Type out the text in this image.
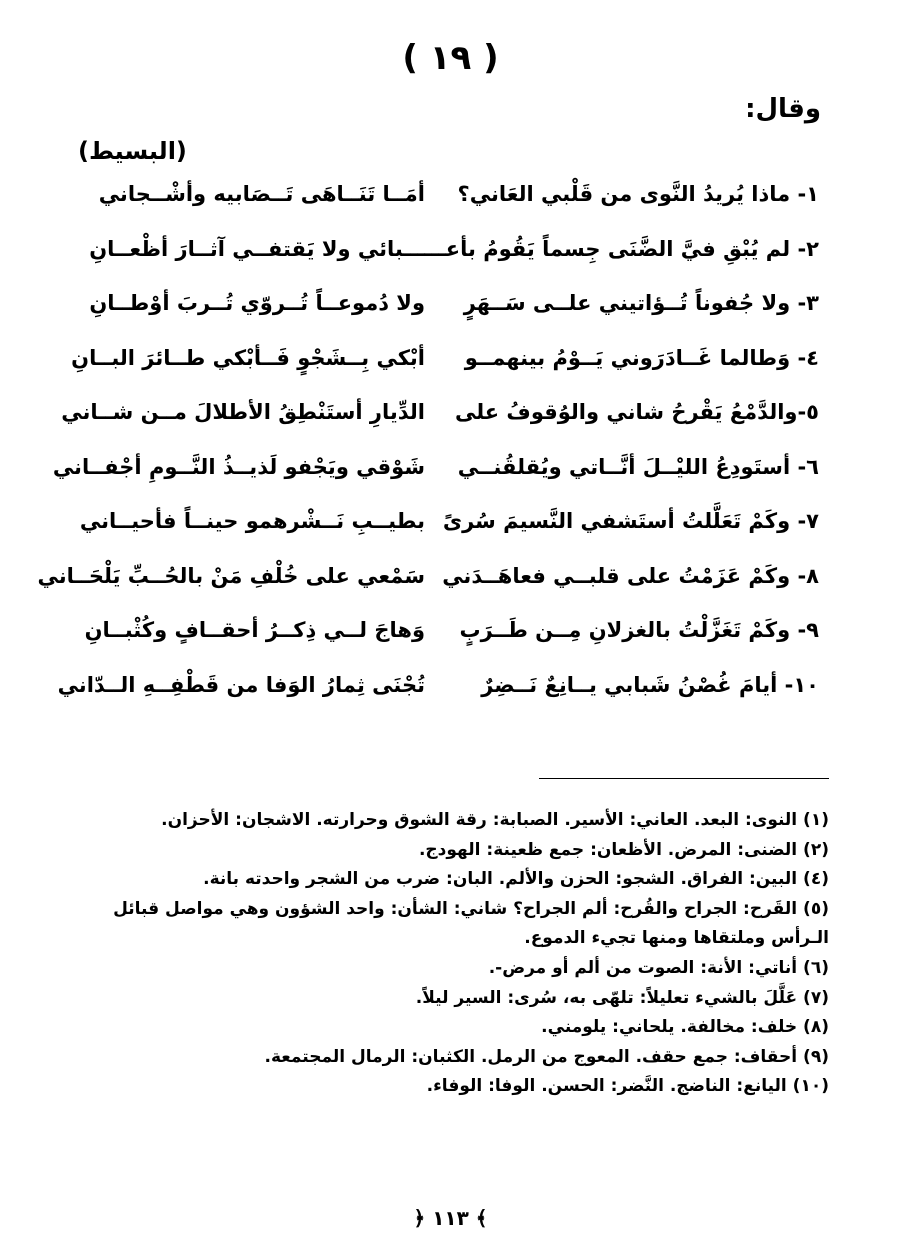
( ١٩ )
وقال:
(البسيط)
١- ماذا يُريدُ النَّوى من قَلْبي العَاني؟
أمَــا تَنَــاهَى تَــصَابيه وأشْــجاني
٢- لم يُبْقِ فيَّ الضَّنَى جِسماً يَقُومُ بأعـــ
ـــبائي ولا يَقتفــي آثــارَ أظْعــانِ
٣- ولا جُفوناً تُــؤاتيني علــى سَــهَرٍ
ولا دُموعــاً تُــروّي تُــربَ أوْطــانِ
٤- وَطالما غَــادَرَوني يَــوْمُ بينهمــو
أبْكي بِــشَجْوٍ فَــأبْكي طــائرَ البــانِ
٥-والدَّمْعُ يَقْرحُ شاني والوُقوفُ على
الدِّيارِ أستَنْطِقُ الأطلالَ مــن شــاني
٦- أستَودِعُ الليْــلَ أنَّــاتي ويُقلقُنــي
شَوْقي ويَجْفو لَذيــذُ النَّــومِ أجْفــاني
٧- وكَمْ تَعَلَّلتُ أستَشفي النَّسيمَ سُرىً
بطيــبِ نَــشْرهمو حينــاً فأحيــاني
٨- وكَمْ عَزَمْتُ على قلبــي فعاهَــدَني
سَمْعي على خُلْفِ مَنْ بالحُــبِّ يَلْحَــاني
٩- وكَمْ تَغَزَّلْتُ بالغزلانِ مِــن طَــرَبٍ
وَهاجَ لــي ذِكــرُ أحقــافٍ وكُثْبــانِ
١٠- أيامَ غُصْنُ شَبابي يــانِعٌ نَــضِرٌ
تُجْنَى ثِمارُ الوَفا من قَطْفِــهِ الــدّاني
(١) النوى: البعد. العاني: الأسير. الصبابة: رقة الشوق وحرارته. الاشجان: الأحزان.
(٢) الضنى: المرض. الأظعان: جمع ظعينة: الهودج.
(٤) البين: الفراق. الشجو: الحزن والألم. البان: ضرب من الشجر واحدته بانة.
(٥) القَرح: الجراح والقُرح: ألم الجراح؟ شاني: الشأن: واحد الشؤون وهي مواصل قبائل الـرأس وملتقاها ومنها تجيء الدموع.
(٦) أناتي: الأنة: الصوت من ألم أو مرض-.
(٧) عَلَّلَ بالشيء تعليلاً: تلهّى به، سُرى: السير ليلاً.
(٨) خلف: مخالفة. يلحاني: يلومني.
(٩) أحقاف: جمع حقف. المعوج من الرمل. الكثبان: الرمال المجتمعة.
(١٠) اليانع: الناضج. النَّضر: الحسن. الوفا: الوفاء.
﴾ ١١٣ ﴿
